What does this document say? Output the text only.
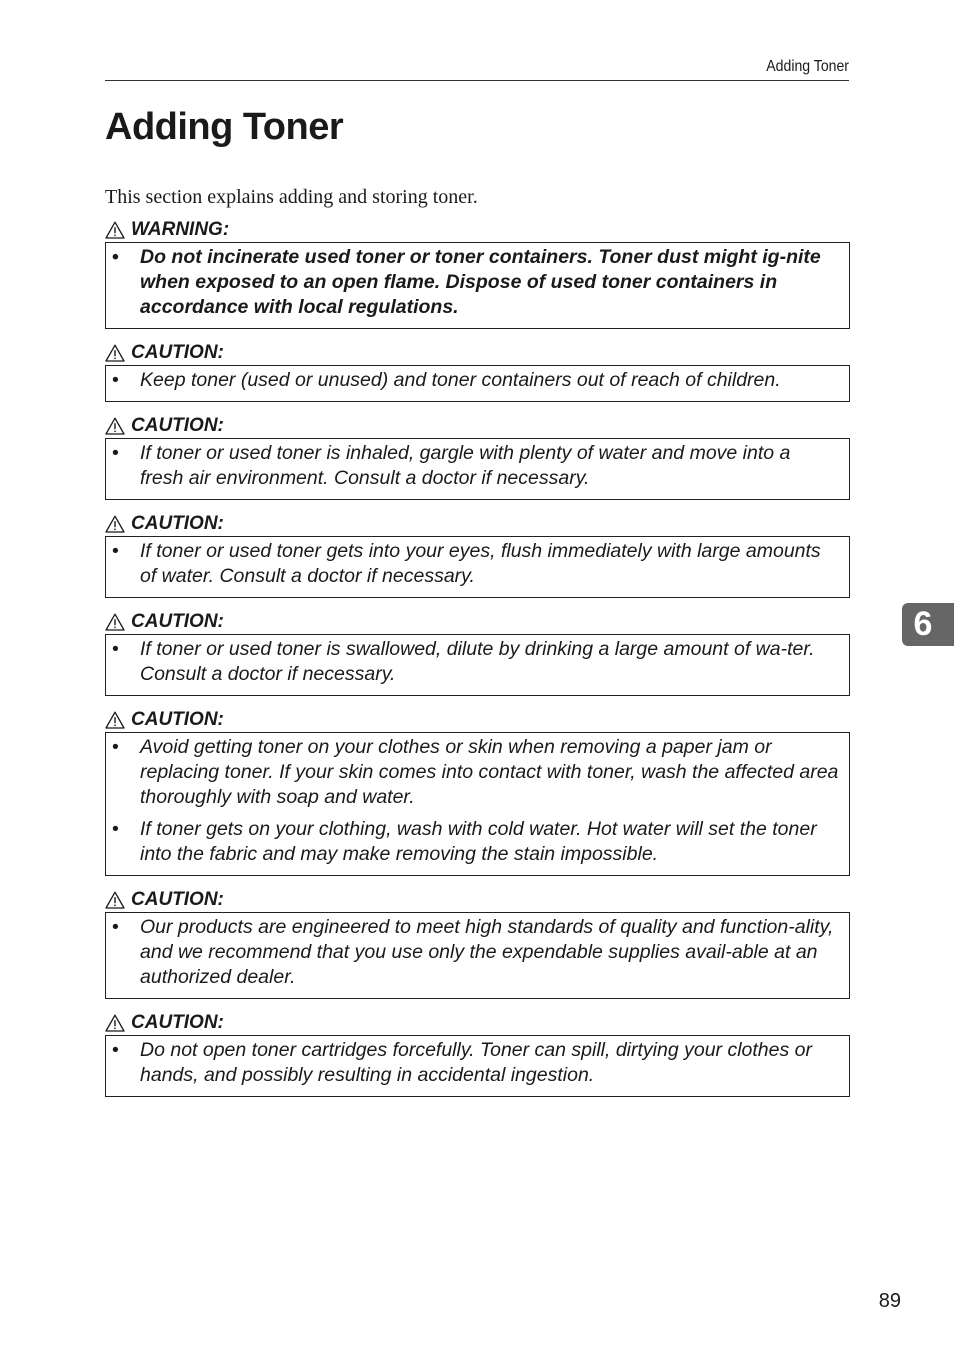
Adding Toner
Adding Toner

This section explains adding and storing toner.

WARNING:
•	Do not incinerate used toner or toner containers. Toner dust might ig-nite when exposed to an open flame. Dispose of used toner containers in accordance with local regulations.
CAUTION:
•	Keep toner (used or unused) and toner containers out of reach of children.
CAUTION:
•	If toner or used toner is inhaled, gargle with plenty of water and move into a fresh air environment. Consult a doctor if necessary.
CAUTION:
•	If toner or used toner gets into your eyes, flush immediately with large amounts of water. Consult a doctor if necessary.
CAUTION:
•	If toner or used toner is swallowed, dilute by drinking a large amount of wa-ter. Consult a doctor if necessary.
CAUTION:
•	Avoid getting toner on your clothes or skin when removing a paper jam or replacing toner. If your skin comes into contact with toner, wash the affected area thoroughly with soap and water.
•	If toner gets on your clothing, wash with cold water. Hot water will set the toner into the fabric and may make removing the stain impossible.
CAUTION:
•	Our products are engineered to meet high standards of quality and function-ality, and we recommend that you use only the expendable supplies avail-able at an authorized dealer.
CAUTION:
•	Do not open toner cartridges forcefully. Toner can spill, dirtying your clothes or hands, and possibly resulting in accidental ingestion.
6
89
